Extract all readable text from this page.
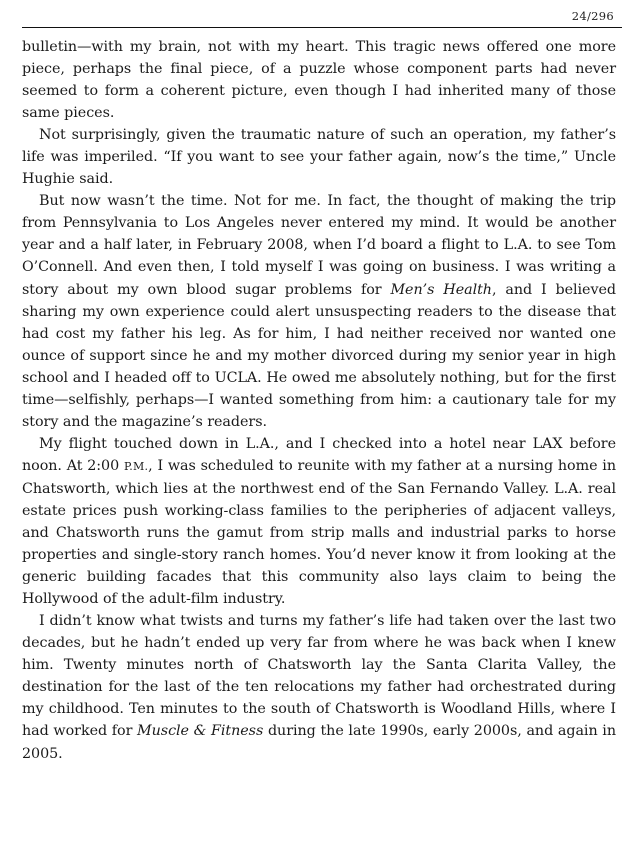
24/296

bulletin—with my brain, not with my heart. This tragic news offered one more piece, perhaps the final piece, of a puzzle whose component parts had never seemed to form a coherent picture, even though I had inherited many of those same pieces.

Not surprisingly, given the traumatic nature of such an operation, my father’s life was imperiled. “If you want to see your father again, now’s the time,” Uncle Hughie said.

But now wasn’t the time. Not for me. In fact, the thought of making the trip from Pennsylvania to Los Angeles never entered my mind. It would be another year and a half later, in February 2008, when I’d board a flight to L.A. to see Tom O’Connell. And even then, I told myself I was going on business. I was writing a story about my own blood sugar problems for Men’s Health, and I believed sharing my own experience could alert unsuspecting readers to the disease that had cost my father his leg. As for him, I had neither received nor wanted one ounce of support since he and my mother divorced during my senior year in high school and I headed off to UCLA. He owed me absolutely nothing, but for the first time—selfishly, perhaps—I wanted something from him: a cautionary tale for my story and the magazine’s readers.

My flight touched down in L.A., and I checked into a hotel near LAX before noon. At 2:00 P.M., I was scheduled to reunite with my father at a nursing home in Chatsworth, which lies at the northwest end of the San Fernando Valley. L.A. real estate prices push working-class families to the peripheries of adjacent valleys, and Chatsworth runs the gamut from strip malls and industrial parks to horse properties and single-story ranch homes. You’d never know it from looking at the generic building facades that this community also lays claim to being the Hollywood of the adult-film industry.

I didn’t know what twists and turns my father’s life had taken over the last two decades, but he hadn’t ended up very far from where he was back when I knew him. Twenty minutes north of Chatsworth lay the Santa Clarita Valley, the destination for the last of the ten relocations my father had orchestrated during my childhood. Ten minutes to the south of Chatsworth is Woodland Hills, where I had worked for Muscle & Fitness during the late 1990s, early 2000s, and again in 2005.
